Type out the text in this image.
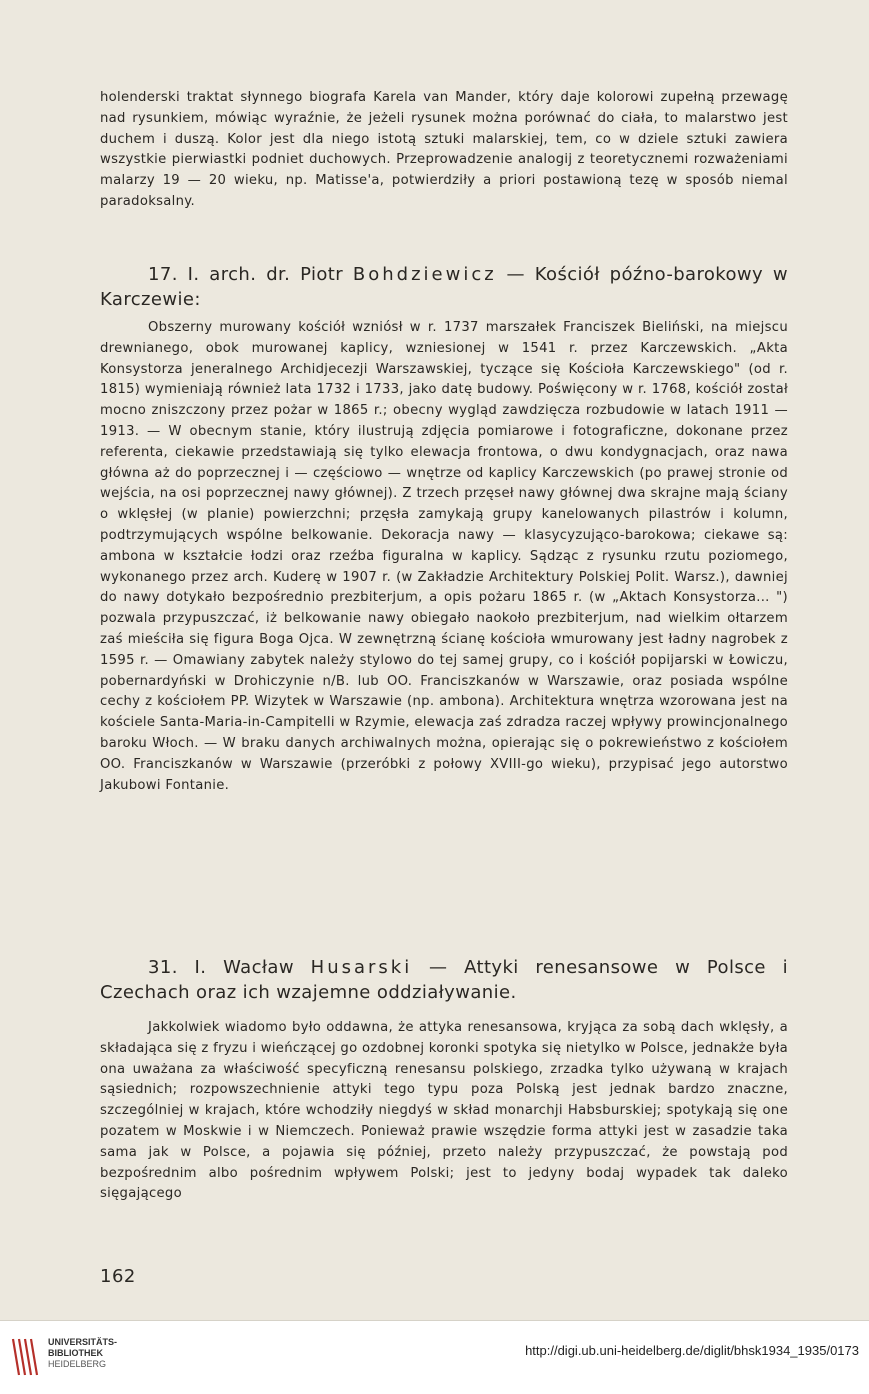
holenderski traktat słynnego biografa Karela van Mander, który daje kolorowi zupełną przewagę nad rysunkiem, mówiąc wyraźnie, że jeżeli rysunek można porównać do ciała, to malarstwo jest duchem i duszą. Kolor jest dla niego istotą sztuki malarskiej, tem, co w dziele sztuki zawiera wszystkie pierwiastki podniet duchowych. Przeprowadzenie analogij z teoretycznemi rozważeniami malarzy 19 — 20 wieku, np. Matisse'a, potwierdziły a priori postawioną tezę w sposób niemal paradoksalny.

17. I. arch. dr. Piotr Bohdziewicz — Kościół późno-barokowy w Karczewie:

Obszerny murowany kościół wzniósł w r. 1737 marszałek Franciszek Bieliński, na miejscu drewnianego, obok murowanej kaplicy, wzniesionej w 1541 r. przez Karczewskich. „Akta Konsystorza jeneralnego Archidjecezji Warszawskiej, tyczące się Kościoła Karczewskiego" (od r. 1815) wymieniają również lata 1732 i 1733, jako datę budowy. Poświęcony w r. 1768, kościół został mocno zniszczony przez pożar w 1865 r.; obecny wygląd zawdzięcza rozbudowie w latach 1911 — 1913. — W obecnym stanie, który ilustrują zdjęcia pomiarowe i fotograficzne, dokonane przez referenta, ciekawie przedstawiają się tylko elewacja frontowa, o dwu kondygnacjach, oraz nawa główna aż do poprzecznej i — częściowo — wnętrze od kaplicy Karczewskich (po prawej stronie od wejścia, na osi poprzecznej nawy głównej). Z trzech przęseł nawy głównej dwa skrajne mają ściany o wklęsłej (w planie) powierzchni; przęsła zamykają grupy kanelowanych pilastrów i kolumn, podtrzymujących wspólne belkowanie. Dekoracja nawy — klasycyzująco-barokowa; ciekawe są: ambona w kształcie łodzi oraz rzeźba figuralna w kaplicy. Sądząc z rysunku rzutu poziomego, wykonanego przez arch. Kuderę w 1907 r. (w Zakładzie Architektury Polskiej Polit. Warsz.), dawniej do nawy dotykało bezpośrednio prezbiterjum, a opis pożaru 1865 r. (w „Aktach Konsystorza... ") pozwala przypuszczać, iż belkowanie nawy obiegało naokoło prezbiterjum, nad wielkim ołtarzem zaś mieściła się figura Boga Ojca. W zewnętrzną ścianę kościoła wmurowany jest ładny nagrobek z 1595 r. — Omawiany zabytek należy stylowo do tej samej grupy, co i kościół popijarski w Łowiczu, pobernardyński w Drohiczynie n/B. lub OO. Franciszkanów w Warszawie, oraz posiada wspólne cechy z kościołem PP. Wizytek w Warszawie (np. ambona). Architektura wnętrza wzorowana jest na kościele Santa-Maria-in-Campitelli w Rzymie, elewacja zaś zdradza raczej wpływy prowincjonalnego baroku Włoch. — W braku danych archiwalnych można, opierając się o pokrewieństwo z kościołem OO. Franciszkanów w Warszawie (przeróbki z połowy XVIII-go wieku), przypisać jego autorstwo Jakubowi Fontanie.

31. I. Wacław Husarski — Attyki renesansowe w Polsce i Czechach oraz ich wzajemne oddziaływanie.

Jakkolwiek wiadomo było oddawna, że attyka renesansowa, kryjąca za sobą dach wklęsły, a składająca się z fryzu i wieńczącej go ozdobnej koronki spotyka się nietylko w Polsce, jednakże była ona uważana za właściwość specyficzną renesansu polskiego, zrzadka tylko używaną w krajach sąsiednich; rozpowszechnienie attyki tego typu poza Polską jest jednak bardzo znaczne, szczególniej w krajach, które wchodziły niegdyś w skład monarchji Habsburskiej; spotykają się one pozatem w Moskwie i w Niemczech. Ponieważ prawie wszędzie forma attyki jest w zasadzie taka sama jak w Polsce, a pojawia się później, przeto należy przypuszczać, że powstają pod bezpośrednim albo pośrednim wpływem Polski; jest to jedyny bodaj wypadek tak daleko sięgającego

162
UNIVERSITÄTS-
BIBLIOTHEK
HEIDELBERG
http://digi.ub.uni-heidelberg.de/diglit/bhsk1934_1935/0173
